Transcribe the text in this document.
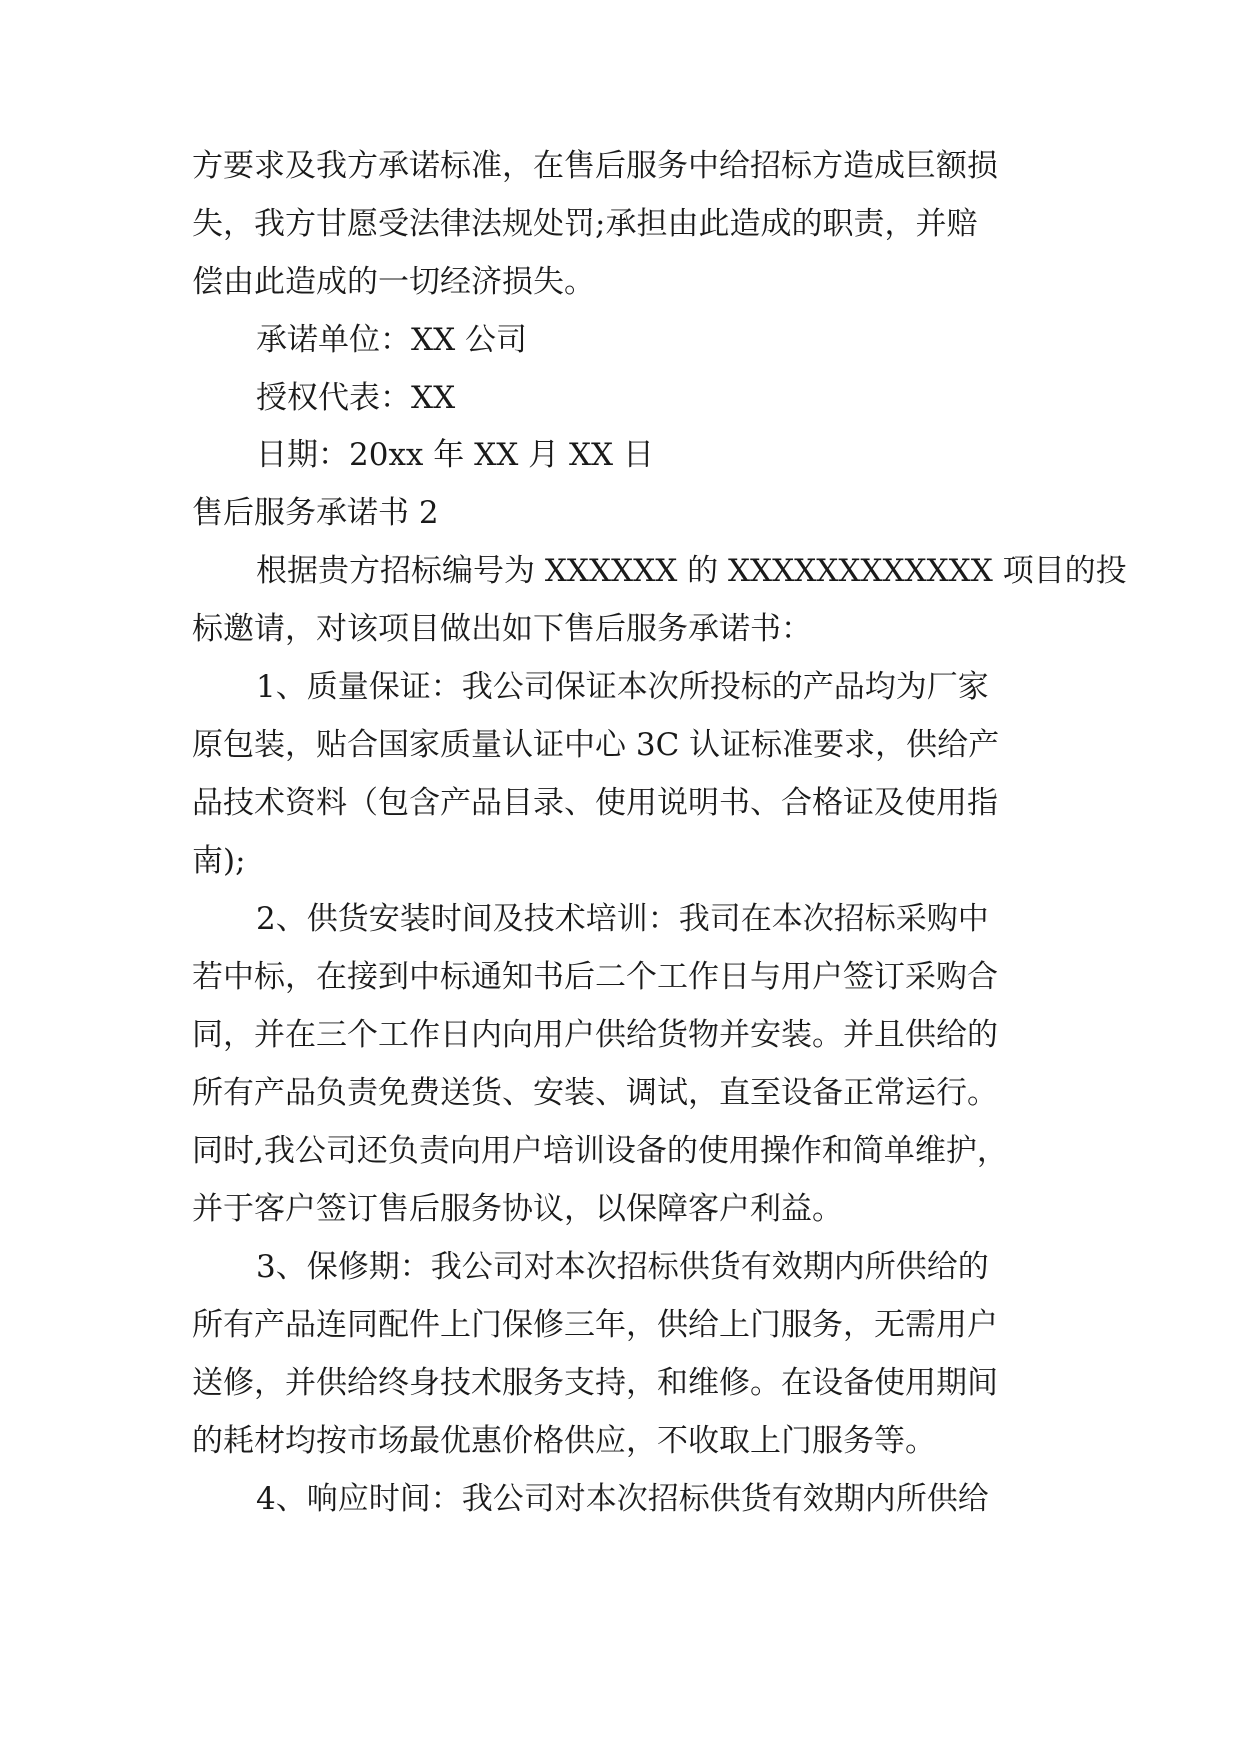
方要求及我方承诺标准，在售后服务中给招标方造成巨额损
失，我方甘愿受法律法规处罚;承担由此造成的职责，并赔
偿由此造成的一切经济损失。
承诺单位：XX 公司
授权代表：XX
日期：20xx 年 XX 月 XX 日
售后服务承诺书 2
根据贵方招标编号为 XXXXXX 的 XXXXXXXXXXXX 项目的投
标邀请，对该项目做出如下售后服务承诺书：
1、质量保证：我公司保证本次所投标的产品均为厂家
原包装，贴合国家质量认证中心 3C 认证标准要求，供给产
品技术资料（包含产品目录、使用说明书、合格证及使用指
南);
2、供货安装时间及技术培训：我司在本次招标采购中
若中标，在接到中标通知书后二个工作日与用户签订采购合
同，并在三个工作日内向用户供给货物并安装。并且供给的
所有产品负责免费送货、安装、调试，直至设备正常运行。
同时,我公司还负责向用户培训设备的使用操作和简单维护，
并于客户签订售后服务协议，以保障客户利益。
3、保修期：我公司对本次招标供货有效期内所供给的
所有产品连同配件上门保修三年，供给上门服务，无需用户
送修，并供给终身技术服务支持，和维修。在设备使用期间
的耗材均按市场最优惠价格供应，不收取上门服务等。
4、响应时间：我公司对本次招标供货有效期内所供给
